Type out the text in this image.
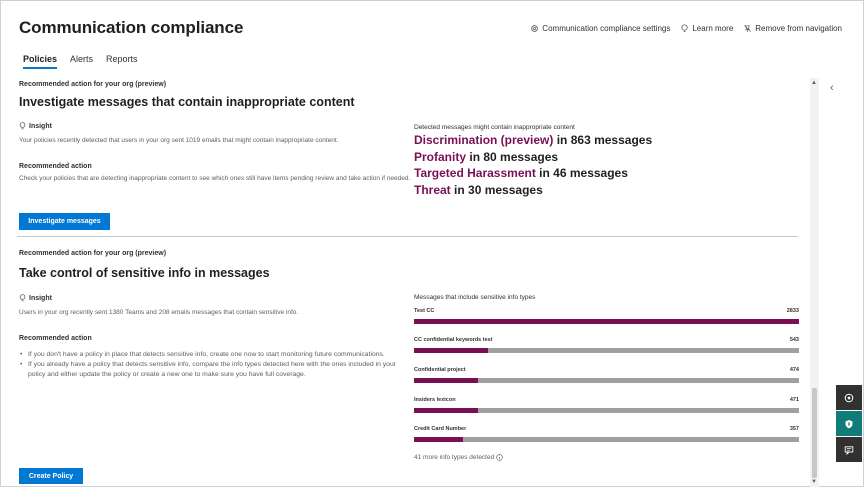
Communication compliance	Communication compliance settings	Learn more	Remove from navigation
Policies Alerts Reports
Recommended action for your org (preview)
Investigate messages that contain inappropriate content
Insight
Your policies recently detected that users in your org sent 1019 emails that might contain inappropriate content.
Recommended action
Check your policies that are detecting inappropriate content to see which ones still have items pending review and take action if needed.
Investigate messages
Detected messages might contain inappropriate content
Discrimination (preview) in 863 messages
Profanity in 80 messages
Targeted Harassment in 46 messages
Threat in 30 messages
Recommended action for your org (preview)
Take control of sensitive info in messages
Insight
Users in your org recently sent 1380 Teams and 208 emails messages that contain sensitive info.
Recommended action
• If you don't have a policy in place that detects sensitive info, create one now to start monitoring future communications.
• If you already have a policy that detects sensitive info, compare the info types detected here with the ones included in your policy and either update the policy or create a new one to make sure you have full coverage.
Create Policy
Messages that include sensitive info types
Test CC	2833
CC confidential keywords test	543
Confidential project	474
Insiders lexicon	471
Credit Card Number	357
41 more info types detected
▲
▼
‹
